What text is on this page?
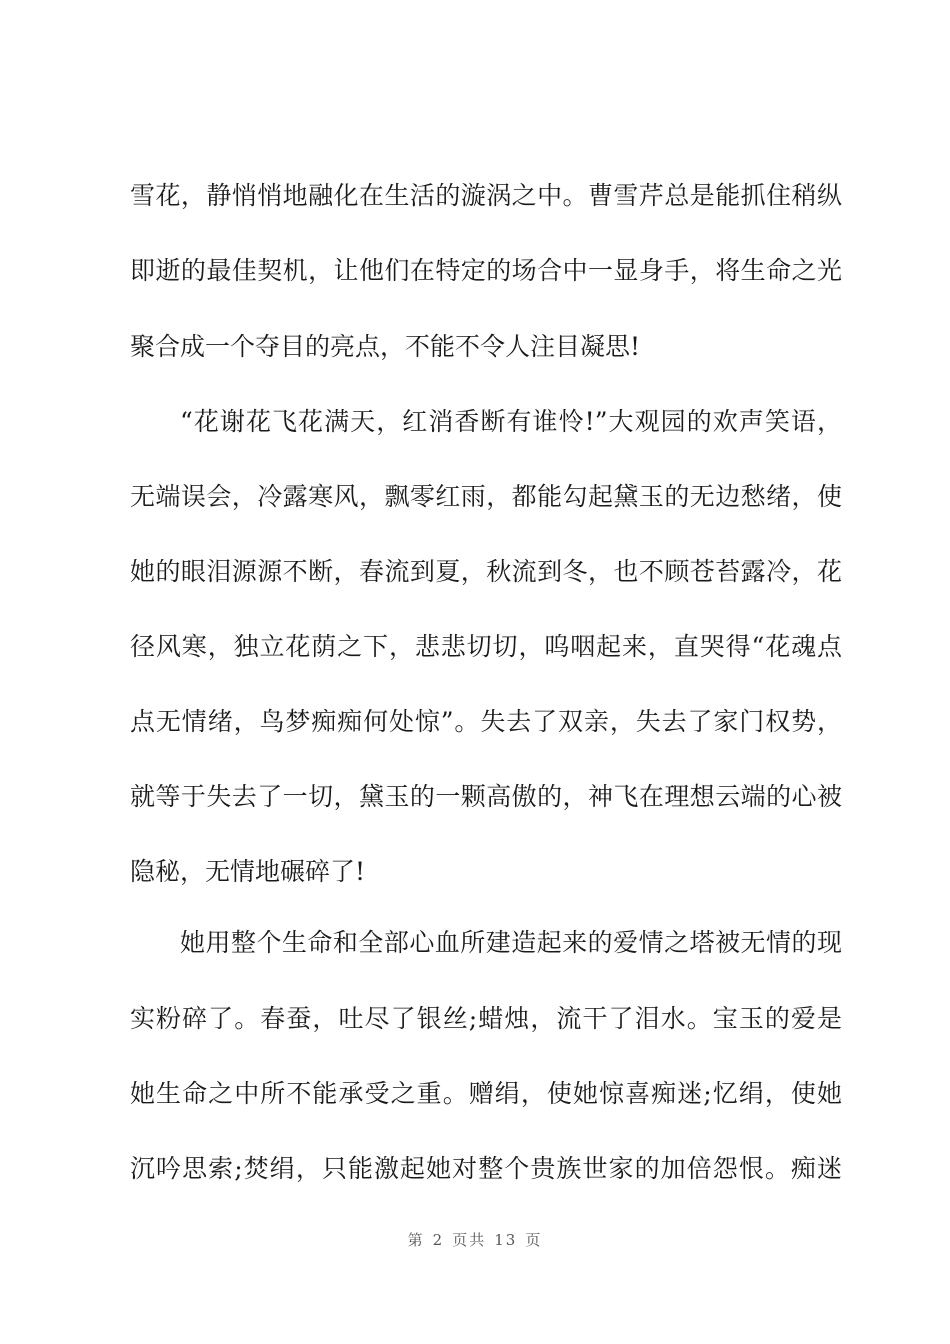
雪花，静悄悄地融化在生活的漩涡之中。曹雪芹总是能抓住稍纵
即逝的最佳契机，让他们在特定的场合中一显身手，将生命之光
聚合成一个夺目的亮点，不能不令人注目凝思!
“花谢花飞花满天，红消香断有谁怜!”大观园的欢声笑语，
无端误会，冷露寒风，飘零红雨，都能勾起黛玉的无边愁绪，使
她的眼泪源源不断，春流到夏，秋流到冬，也不顾苍苔露冷，花
径风寒，独立花荫之下，悲悲切切，呜咽起来，直哭得“花魂点
点无情绪，鸟梦痴痴何处惊”。失去了双亲，失去了家门权势，
就等于失去了一切，黛玉的一颗高傲的，神飞在理想云端的心被
隐秘，无情地碾碎了!
她用整个生命和全部心血所建造起来的爱情之塔被无情的现
实粉碎了。春蚕，吐尽了银丝;蜡烛，流干了泪水。宝玉的爱是
她生命之中所不能承受之重。赠绢，使她惊喜痴迷;忆绢，使她
沉吟思索;焚绢，只能激起她对整个贵族世家的加倍怨恨。痴迷
第 2 页共 13 页
